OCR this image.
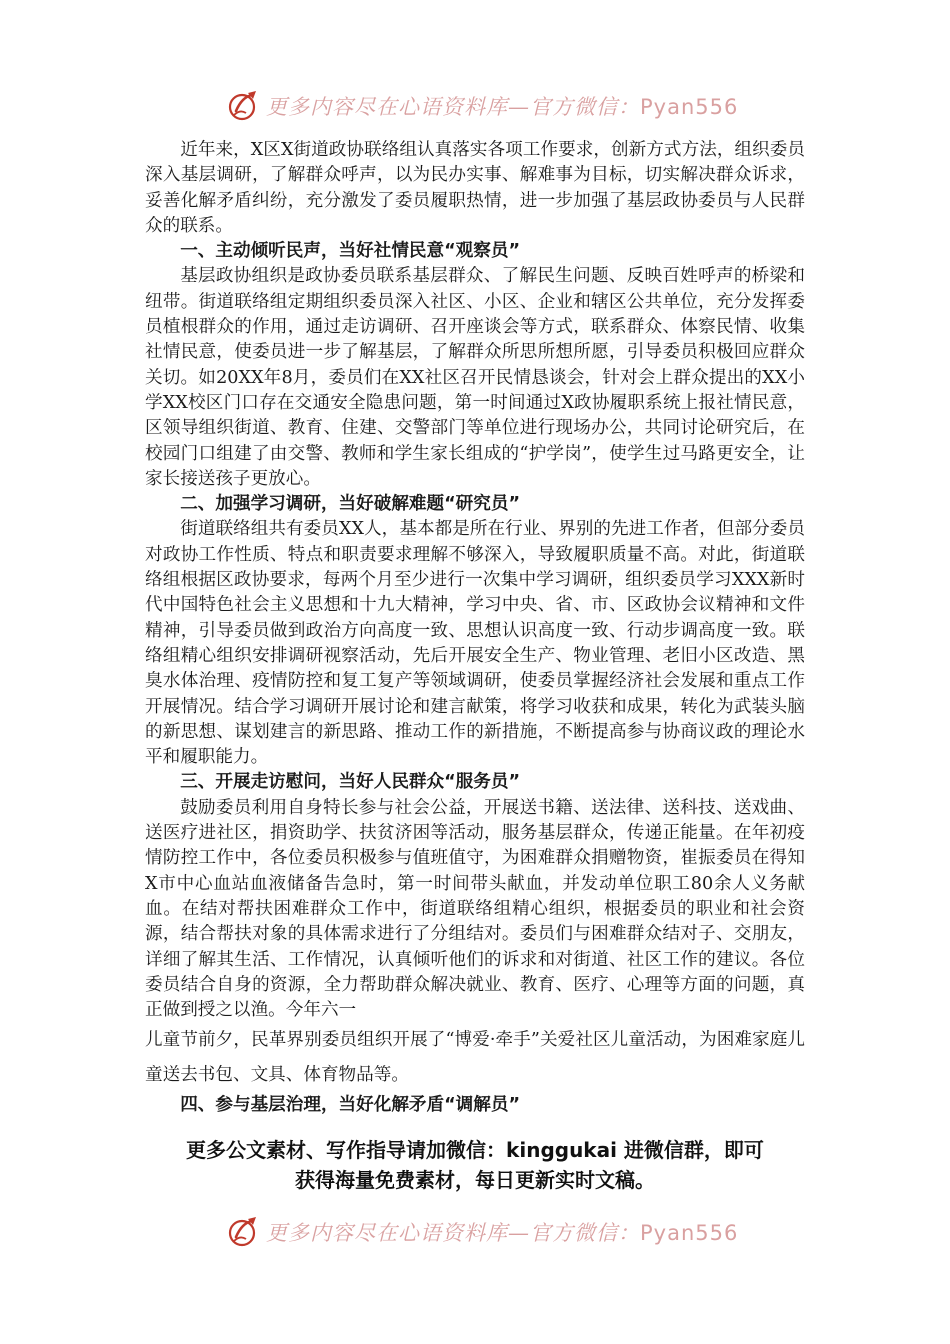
更多内容尽在心语资料库—官方微信：Pyan556

近年来，X区X街道政协联络组认真落实各项工作要求，创新方式方法，组织委员深入基层调研，了解群众呼声，以为民办实事、解难事为目标，切实解决群众诉求，妥善化解矛盾纠纷，充分激发了委员履职热情，进一步加强了基层政协委员与人民群众的联系。

一、主动倾听民声，当好社情民意“观察员”

基层政协组织是政协委员联系基层群众、了解民生问题、反映百姓呼声的桥梁和纽带。街道联络组定期组织委员深入社区、小区、企业和辖区公共单位，充分发挥委员植根群众的作用，通过走访调研、召开座谈会等方式，联系群众、体察民情、收集社情民意，使委员进一步了解基层，了解群众所思所想所愿，引导委员积极回应群众关切。如20XX年8月，委员们在XX社区召开民情恳谈会，针对会上群众提出的XX小学XX校区门口存在交通安全隐患问题，第一时间通过X政协履职系统上报社情民意，区领导组织街道、教育、住建、交警部门等单位进行现场办公，共同讨论研究后，在校园门口组建了由交警、教师和学生家长组成的“护学岗”，使学生过马路更安全，让家长接送孩子更放心。

二、加强学习调研，当好破解难题“研究员”

街道联络组共有委员XX人，基本都是所在行业、界别的先进工作者，但部分委员对政协工作性质、特点和职责要求理解不够深入，导致履职质量不高。对此，街道联络组根据区政协要求，每两个月至少进行一次集中学习调研，组织委员学习XXX新时代中国特色社会主义思想和十九大精神，学习中央、省、市、区政协会议精神和文件精神，引导委员做到政治方向高度一致、思想认识高度一致、行动步调高度一致。联络组精心组织安排调研视察活动，先后开展安全生产、物业管理、老旧小区改造、黑臭水体治理、疫情防控和复工复产等领域调研，使委员掌握经济社会发展和重点工作开展情况。结合学习调研开展讨论和建言献策，将学习收获和成果，转化为武装头脑的新思想、谋划建言的新思路、推动工作的新措施，不断提高参与协商议政的理论水平和履职能力。

三、开展走访慰问，当好人民群众“服务员”

鼓励委员利用自身特长参与社会公益，开展送书籍、送法律、送科技、送戏曲、送医疗进社区，捐资助学、扶贫济困等活动，服务基层群众，传递正能量。在年初疫情防控工作中，各位委员积极参与值班值守，为困难群众捐赠物资，崔振委员在得知X市中心血站血液储备告急时，第一时间带头献血，并发动单位职工80余人义务献血。在结对帮扶困难群众工作中，街道联络组精心组织，根据委员的职业和社会资源，结合帮扶对象的具体需求进行了分组结对。委员们与困难群众结对子、交朋友，详细了解其生活、工作情况，认真倾听他们的诉求和对街道、社区工作的建议。各位委员结合自身的资源，全力帮助群众解决就业、教育、医疗、心理等方面的问题，真正做到授之以渔。今年六一

儿童节前夕，民革界别委员组织开展了“博爱·牵手”关爱社区儿童活动，为困难家庭儿童送去书包、文具、体育物品等。

四、参与基层治理，当好化解矛盾“调解员”

更多公文素材、写作指导请加微信：kinggukai 进微信群，即可
获得海量免费素材，每日更新实时文稿。
更多内容尽在心语资料库—官方微信：Pyan556
